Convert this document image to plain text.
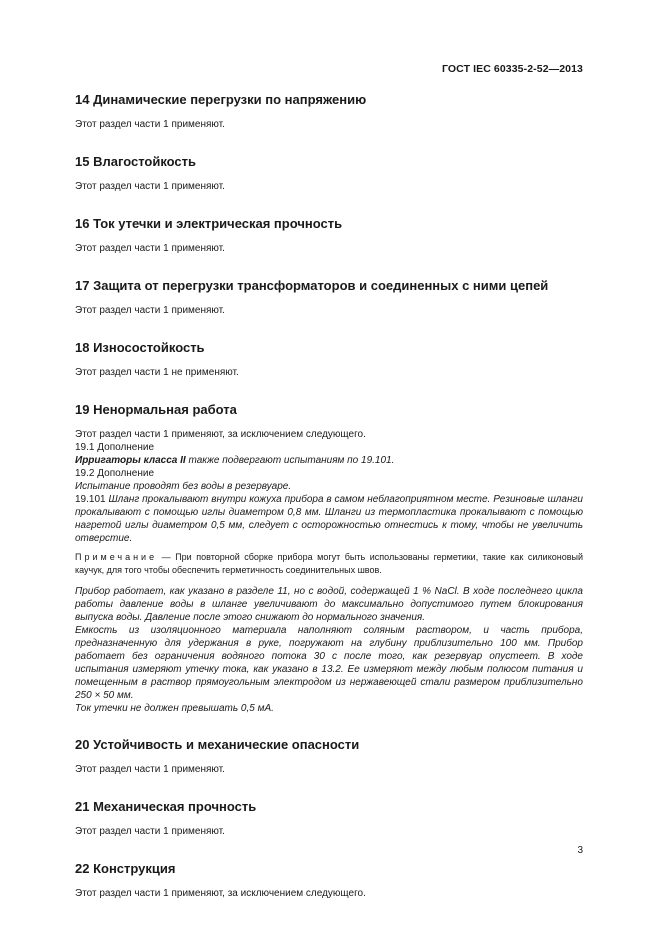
ГОСТ IEC 60335-2-52—2013
14 Динамические перегрузки по напряжению

Этот раздел части 1 применяют.

15 Влагостойкость

Этот раздел части 1 применяют.

16 Ток утечки и электрическая прочность

Этот раздел части 1 применяют.

17 Защита от перегрузки трансформаторов и соединенных с ними цепей

Этот раздел части 1 применяют.

18 Износостойкость

Этот раздел части 1 не применяют.

19 Ненормальная работа

Этот раздел части 1 применяют, за исключением следующего.

19.1 Дополнение

Ирригаторы класса II также подвергают испытаниям по 19.101.

19.2 Дополнение

Испытание проводят без воды в резервуаре.

19.101 Шланг прокалывают внутри кожуха прибора в самом неблагоприятном месте. Резиновые шланги прокалывают с помощью иглы диаметром 0,8 мм. Шланги из термопластика прокалывают с помощью нагретой иглы диаметром 0,5 мм, следует с осторожностью отнестись к тому, чтобы не увеличить отверстие.

Примечание — При повторной сборке прибора могут быть использованы герметики, такие как силиконовый каучук, для того чтобы обеспечить герметичность соединительных швов.

Прибор работает, как указано в разделе 11, но с водой, содержащей 1 % NaCl. В ходе последнего цикла работы давление воды в шланге увеличивают до максимально допустимого путем блокирования выпуска воды. Давление после этого снижают до нормального значения.

Емкость из изоляционного материала наполняют соляным раствором, и часть прибора, предназначенную для удержания в руке, погружают на глубину приблизительно 100 мм. Прибор работает без ограничения водяного потока 30 с после того, как резервуар опустеет. В ходе испытания измеряют утечку тока, как указано в 13.2. Ее измеряют между любым полюсом питания и помещенным в раствор прямоугольным электродом из нержавеющей стали размером приблизительно 250 × 50 мм.

Ток утечки не должен превышать 0,5 мА.

20 Устойчивость и механические опасности

Этот раздел части 1 применяют.

21 Механическая прочность

Этот раздел части 1 применяют.

22 Конструкция

Этот раздел части 1 применяют, за исключением следующего.

3
